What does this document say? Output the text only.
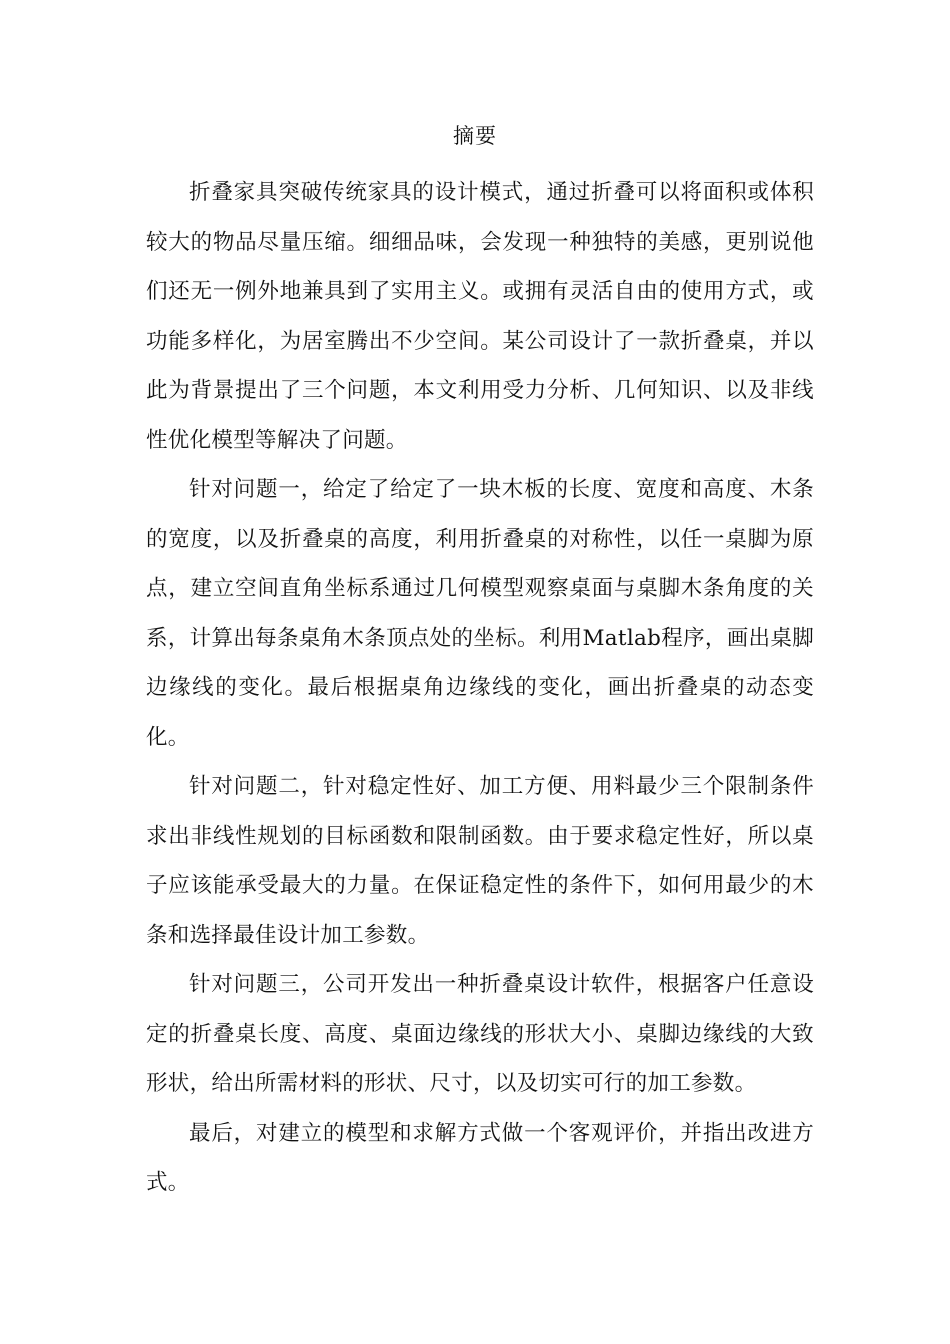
摘要

折叠家具突破传统家具的设计模式，通过折叠可以将面积或体积较大的物品尽量压缩。细细品味，会发现一种独特的美感，更别说他们还无一例外地兼具到了实用主义。或拥有灵活自由的使用方式，或功能多样化，为居室腾出不少空间。某公司设计了一款折叠桌，并以此为背景提出了三个问题，本文利用受力分析、几何知识、以及非线性优化模型等解决了问题。

针对问题一，给定了给定了一块木板的长度、宽度和高度、木条的宽度，以及折叠桌的高度，利用折叠桌的对称性，以任一桌脚为原点，建立空间直角坐标系通过几何模型观察桌面与桌脚木条角度的关系，计算出每条桌角木条顶点处的坐标。利用Matlab程序，画出桌脚边缘线的变化。最后根据桌角边缘线的变化，画出折叠桌的动态变化。

针对问题二，针对稳定性好、加工方便、用料最少三个限制条件求出非线性规划的目标函数和限制函数。由于要求稳定性好，所以桌子应该能承受最大的力量。在保证稳定性的条件下，如何用最少的木条和选择最佳设计加工参数。

针对问题三，公司开发出一种折叠桌设计软件，根据客户任意设定的折叠桌长度、高度、桌面边缘线的形状大小、桌脚边缘线的大致形状，给出所需材料的形状、尺寸，以及切实可行的加工参数。

最后，对建立的模型和求解方式做一个客观评价，并指出改进方式。
